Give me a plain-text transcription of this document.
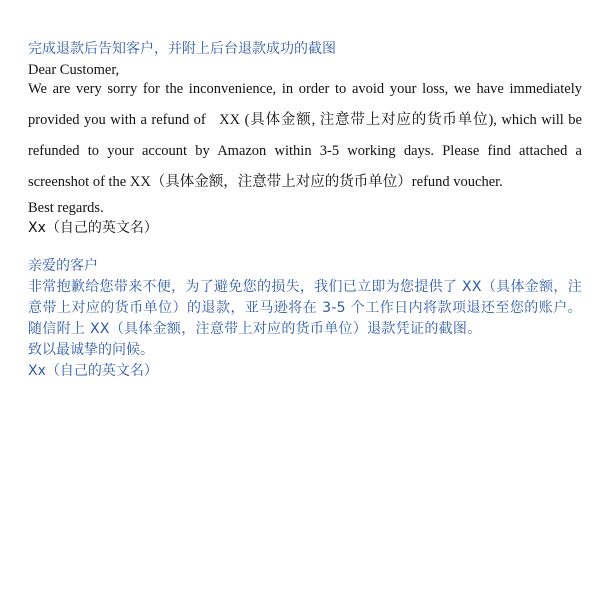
完成退款后告知客户，并附上后台退款成功的截图

Dear Customer,

We are very sorry for the inconvenience, in order to avoid your loss, we have immediately provided you with a refund of   XX (具体金额, 注意带上对应的货币单位), which will be refunded to your account by Amazon within 3-5 working days. Please find attached a screenshot of the XX（具体金额，注意带上对应的货币单位）refund voucher.

Best regards.

Xx（自己的英文名）

亲爱的客户

非常抱歉给您带来不便，为了避免您的损失，我们已立即为您提供了 XX（具体金额，注意带上对应的货币单位）的退款，亚马逊将在 3-5 个工作日内将款项退还至您的账户。随信附上 XX（具体金额，注意带上对应的货币单位）退款凭证的截图。

致以最诚挚的问候。

Xx（自己的英文名）
